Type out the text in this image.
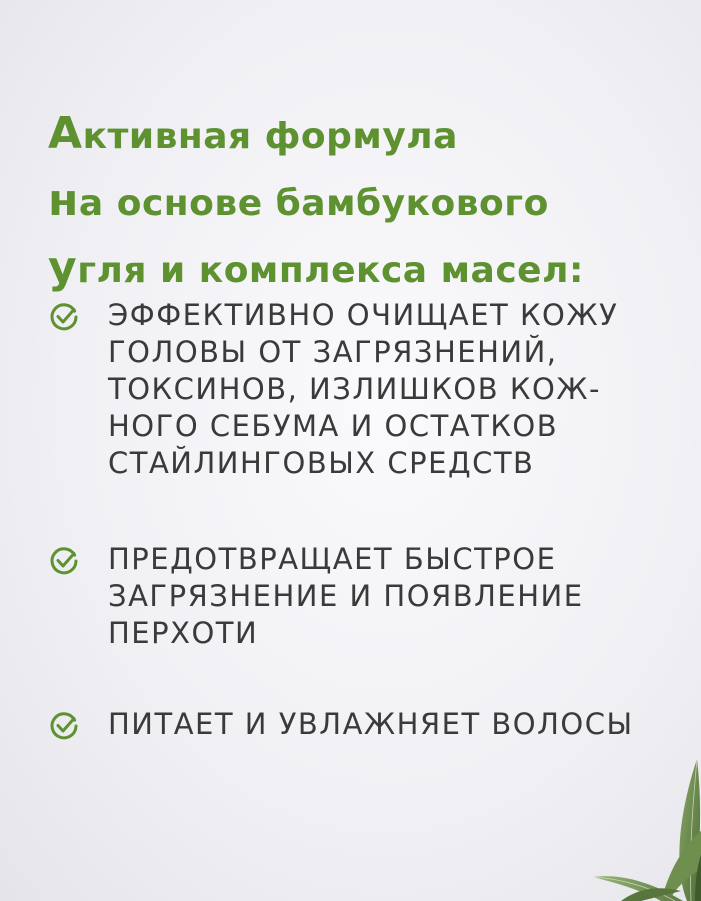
Активная формула
на основе бамбукового
угля и комплекса масел:
ЭФФЕКТИВНО ОЧИЩАЕТ КОЖУ
ГОЛОВЫ ОТ ЗАГРЯЗНЕНИЙ,
ТОКСИНОВ, ИЗЛИШКОВ КОЖ-
НОГО СЕБУМА И ОСТАТКОВ
СТАЙЛИНГОВЫХ СРЕДСТВ
ПРЕДОТВРАЩАЕТ БЫСТРОЕ
ЗАГРЯЗНЕНИЕ И ПОЯВЛЕНИЕ
ПЕРХОТИ
ПИТАЕТ И УВЛАЖНЯЕТ ВОЛОСЫ
